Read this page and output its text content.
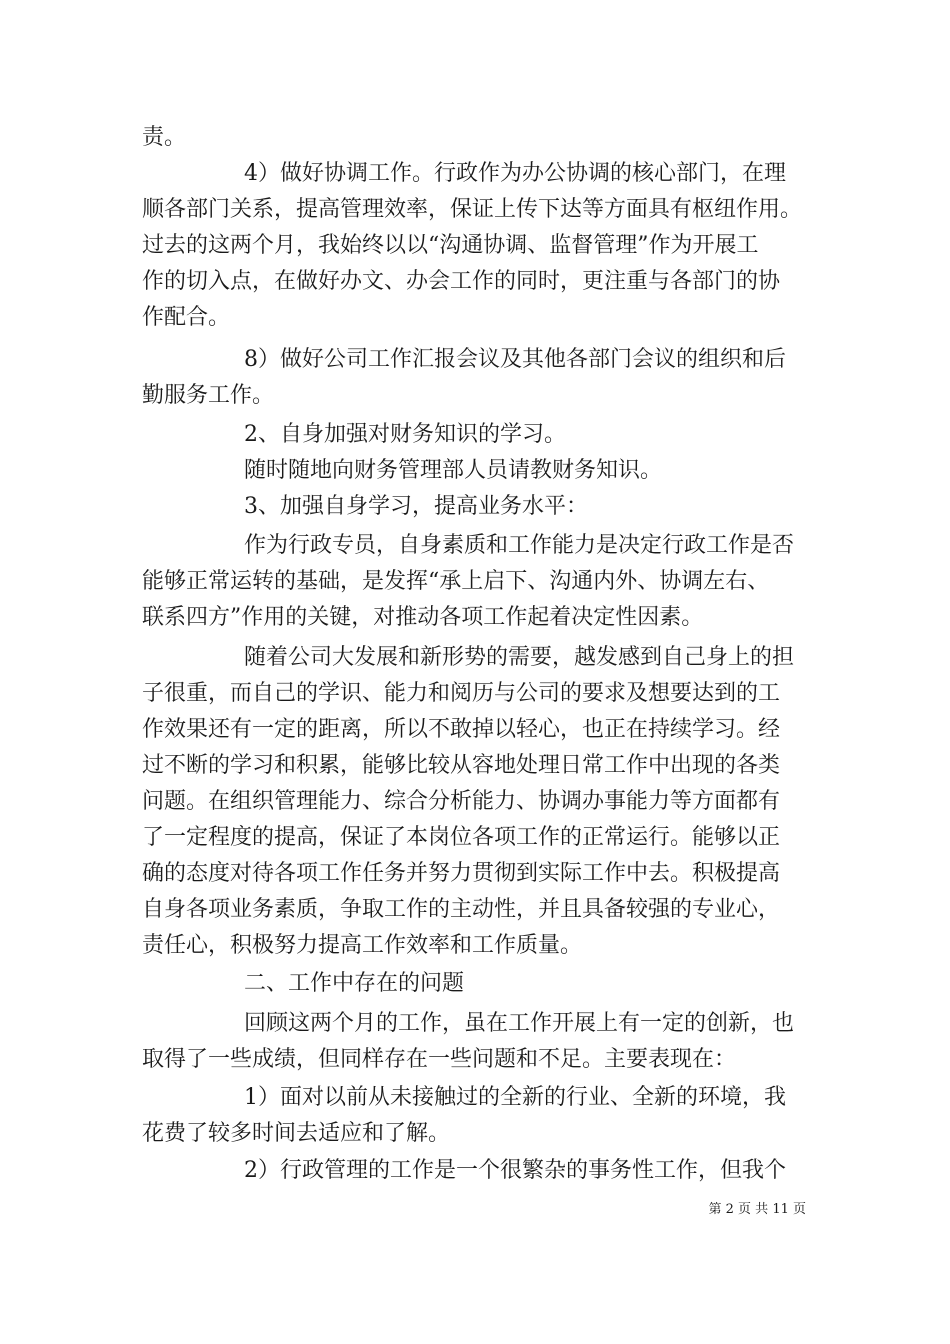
责。
4）做好协调工作。行政作为办公协调的核心部门，在理
顺各部门关系，提高管理效率，保证上传下达等方面具有枢纽作用。
过去的这两个月，我始终以以“沟通协调、监督管理”作为开展工
作的切入点，在做好办文、办会工作的同时，更注重与各部门的协
作配合。
8）做好公司工作汇报会议及其他各部门会议的组织和后
勤服务工作。
2、自身加强对财务知识的学习。
随时随地向财务管理部人员请教财务知识。
3、加强自身学习，提高业务水平：
作为行政专员，自身素质和工作能力是决定行政工作是否
能够正常运转的基础，是发挥“承上启下、沟通内外、协调左右、
联系四方”作用的关键，对推动各项工作起着决定性因素。
随着公司大发展和新形势的需要，越发感到自己身上的担
子很重，而自己的学识、能力和阅历与公司的要求及想要达到的工
作效果还有一定的距离，所以不敢掉以轻心，也正在持续学习。经
过不断的学习和积累，能够比较从容地处理日常工作中出现的各类
问题。在组织管理能力、综合分析能力、协调办事能力等方面都有
了一定程度的提高，保证了本岗位各项工作的正常运行。能够以正
确的态度对待各项工作任务并努力贯彻到实际工作中去。积极提高
自身各项业务素质，争取工作的主动性，并且具备较强的专业心，
责任心，积极努力提高工作效率和工作质量。
二、工作中存在的问题
回顾这两个月的工作，虽在工作开展上有一定的创新，也
取得了一些成绩，但同样存在一些问题和不足。主要表现在：
1）面对以前从未接触过的全新的行业、全新的环境，我
花费了较多时间去适应和了解。
2）行政管理的工作是一个很繁杂的事务性工作，但我个
第 2 页 共 11 页
